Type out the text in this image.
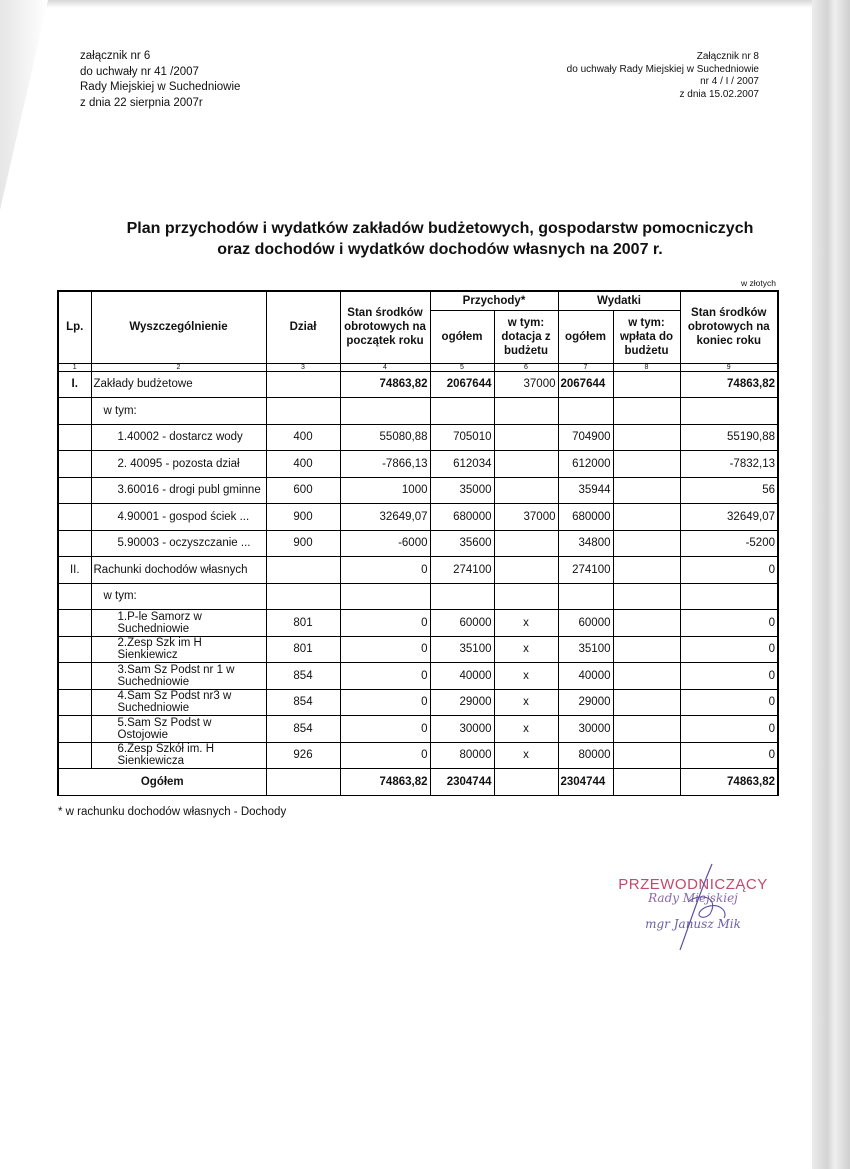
załącznik nr 6
do uchwały nr 41 /2007
Rady Miejskiej w Suchedniowie
z dnia 22 sierpnia 2007r
Załącznik nr 8
do uchwały Rady Miejskiej w Suchedniowie
nr 4 / I / 2007
z dnia 15.02.2007
Plan przychodów i wydatków zakładów budżetowych, gospodarstw pomocniczych
oraz dochodów i wydatków dochodów własnych na 2007 r.
w złotych
Lp.	Wyszczególnienie	Dział	Stan środków obrotowych na początek roku	Przychody*		Wydatki		Stan środków obrotowych na koniec roku
				ogółem	w tym: dotacja z budżetu	ogółem	w tym: wpłata do budżetu	
1	2	3	4	5	6	7	8	9
I.	Zakłady budżetowe		74863,82	2067644	37000	2067644		74863,82
	w tym:							
	1.40002 - dostarcz wody	400	55080,88	705010		704900		55190,88
	2. 40095 - pozosta dział	400	-7866,13	612034		612000		-7832,13
	3.60016 - drogi publ gminne	600	1000	35000		35944		56
	4.90001 - gospod ściek ...	900	32649,07	680000	37000	680000		32649,07
	5.90003 - oczyszczanie ...	900	-6000	35600		34800		-5200
II.	Rachunki dochodów własnych		0	274100		274100		0
	w tym:							
	1.P-le Samorz w Suchedniowie	801	0	60000	x	60000		0
	2.Zesp Szk im H Sienkiewicz	801	0	35100	x	35100		0
	3.Sam Sz Podst nr 1 w Suchedniowie	854	0	40000	x	40000		0
	4.Sam Sz Podst nr3 w Suchedniowie	854	0	29000	x	29000		0
	5.Sam Sz Podst w Ostojowie	854	0	30000	x	30000		0
	6.Zesp Szkół im. H Sienkiewicza	926	0	80000	x	80000		0
Ogółem			74863,82	2304744		2304744		74863,82
* w rachunku dochodów własnych - Dochody
PRZEWODNICZĄCY
Rady Miejskiej
mgr Janusz Mik
